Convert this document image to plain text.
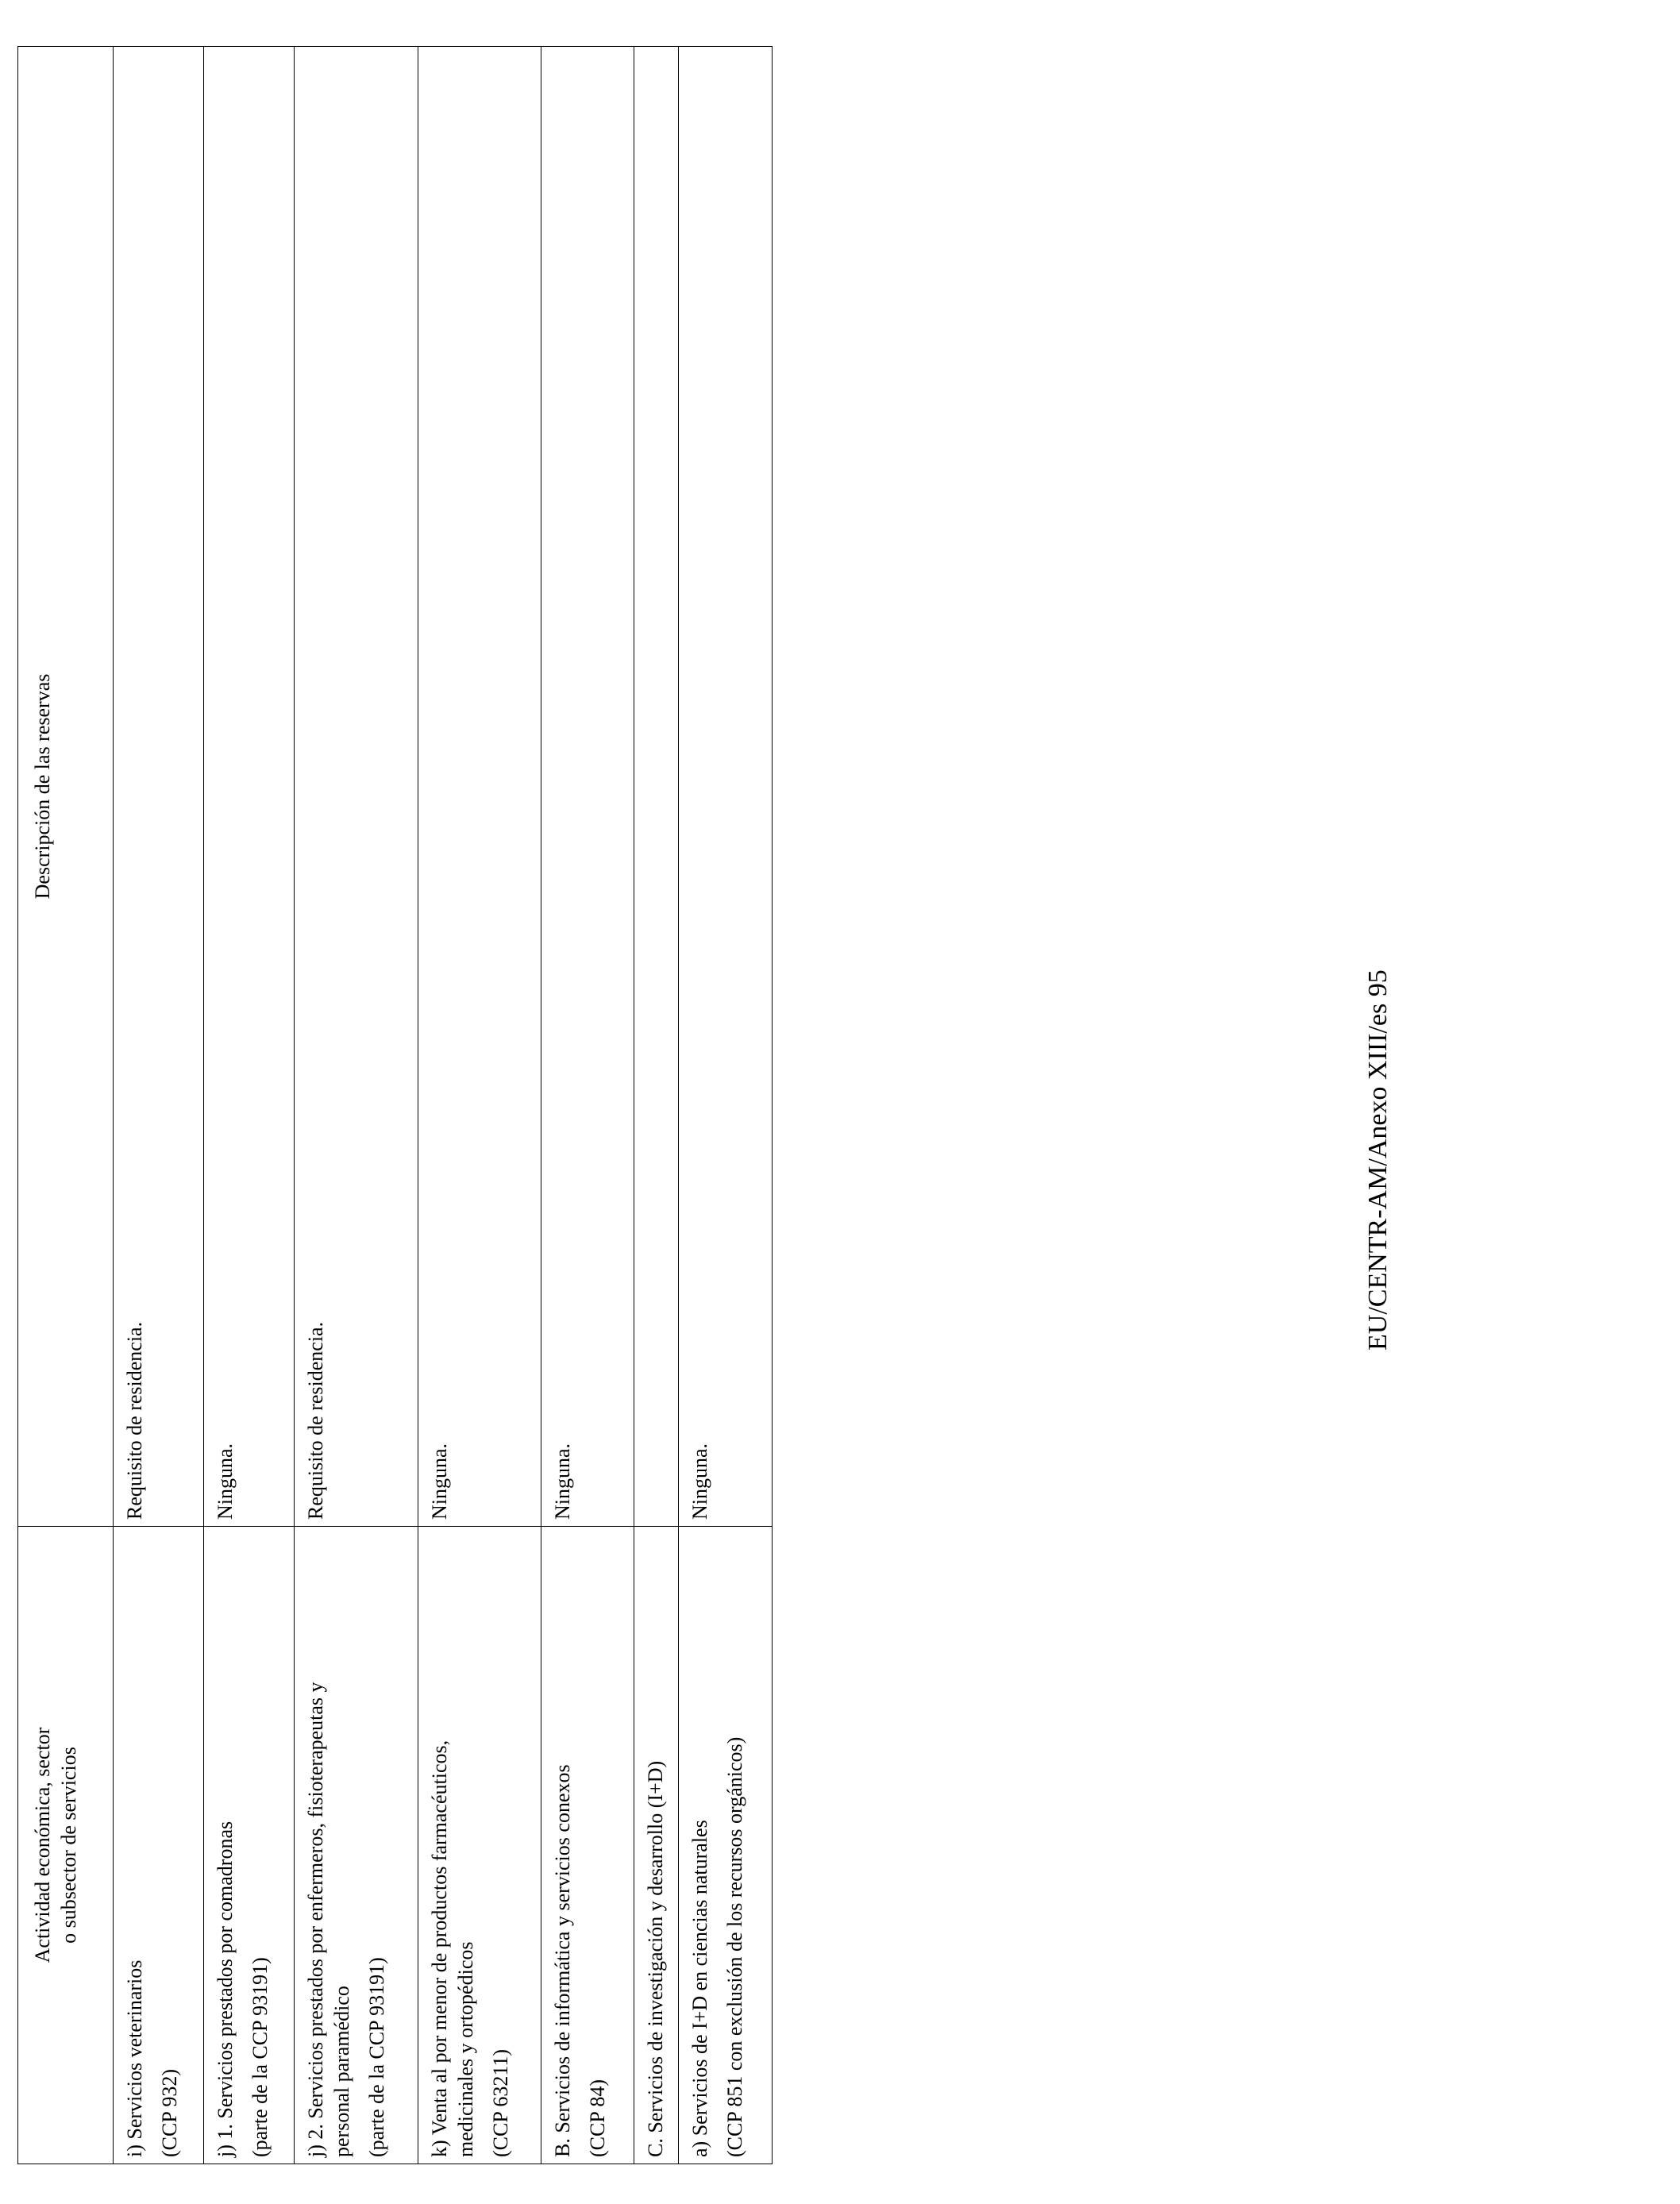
Actividad económica, sector o subsector de servicios	Descripción de las reservas

i) Servicios veterinarios (CCP 932)	Requisito de residencia.

j) 1. Servicios prestados por comadronas (parte de la CCP 93191)	Ninguna.

j) 2. Servicios prestados por enfermeros, fisioterapeutas y personal paramédico (parte de la CCP 93191)	Requisito de residencia.

k) Venta al por menor de productos farmacéuticos, medicinales y ortopédicos (CCP 63211)	Ninguna.

B. Servicios de informática y servicios conexos (CCP 84)	Ninguna.

C. Servicios de investigación y desarrollo (I+D)	

a) Servicios de I+D en ciencias naturales (CCP 851 con exclusión de los recursos orgánicos)	Ninguna.
EU/CENTR-AM/Anexo XIII/es 95
